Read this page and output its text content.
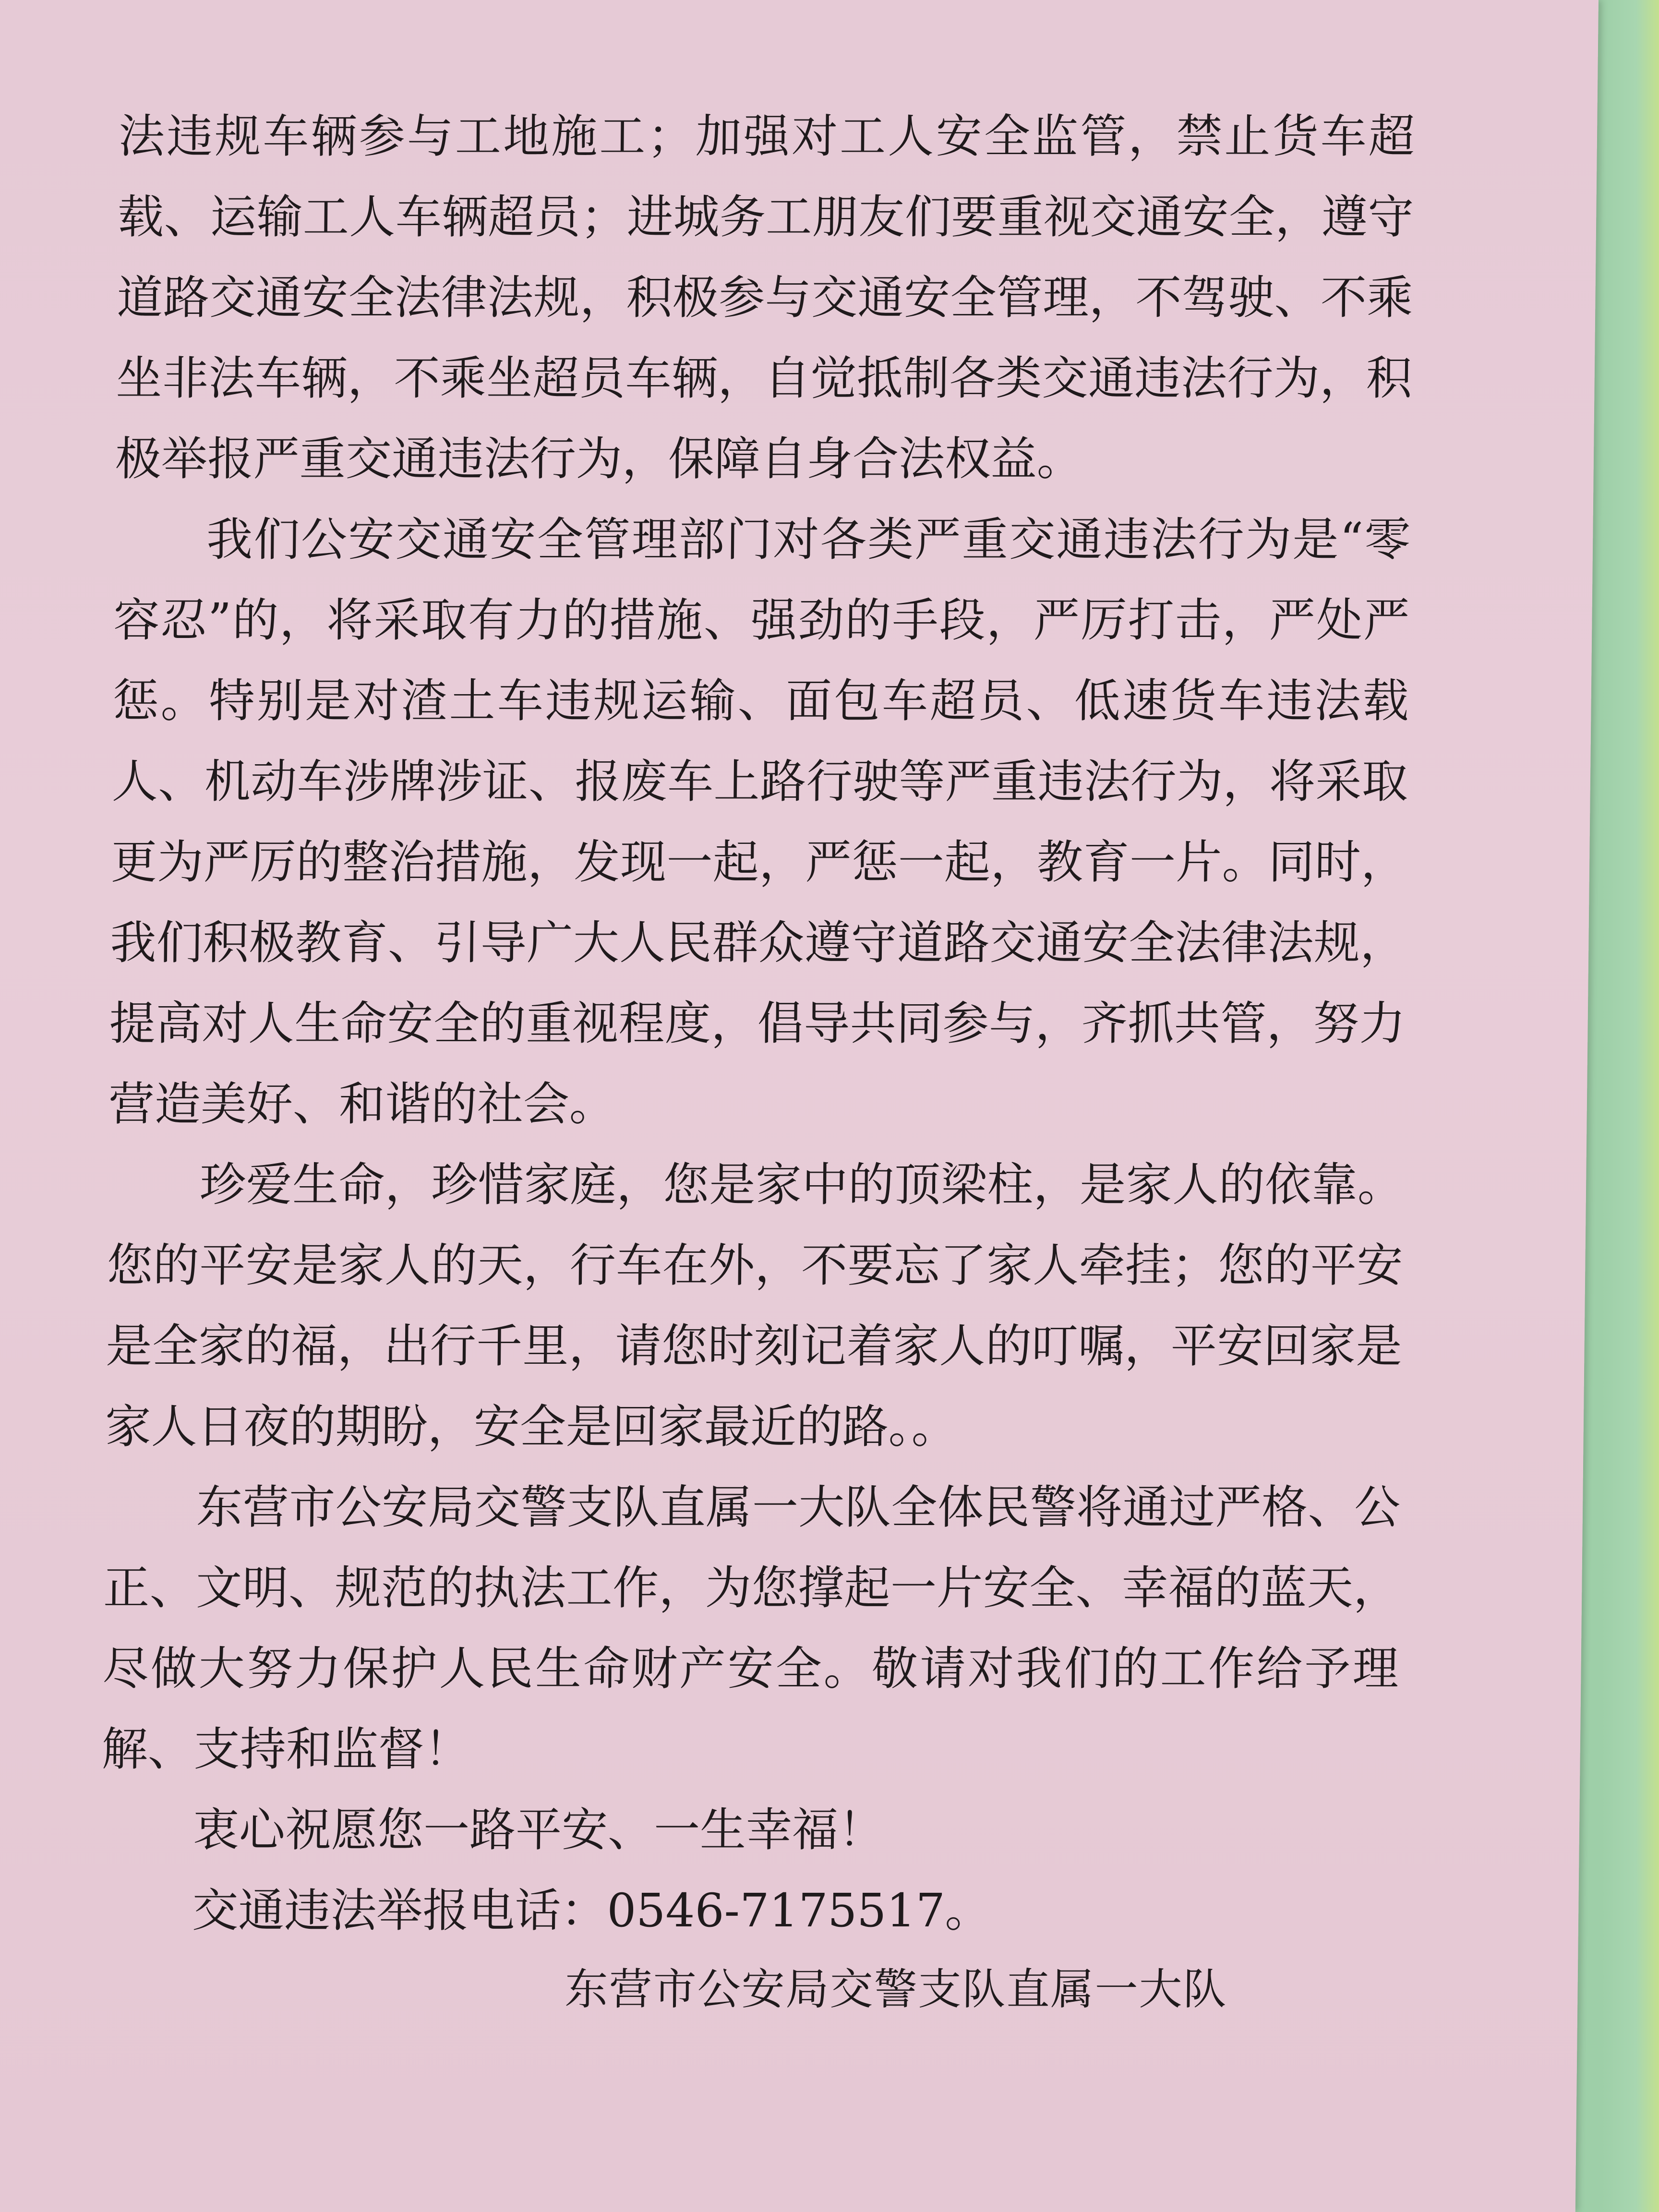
法违规车辆参与工地施工；加强对工人安全监管，禁止货车超载、运输工人车辆超员；进城务工朋友们要重视交通安全，遵守道路交通安全法律法规，积极参与交通安全管理，不驾驶、不乘坐非法车辆，不乘坐超员车辆，自觉抵制各类交通违法行为，积极举报严重交通违法行为，保障自身合法权益。

我们公安交通安全管理部门对各类严重交通违法行为是“零容忍”的，将采取有力的措施、强劲的手段，严厉打击，严处严惩。特别是对渣土车违规运输、面包车超员、低速货车违法载人、机动车涉牌涉证、报废车上路行驶等严重违法行为，将采取更为严厉的整治措施，发现一起，严惩一起，教育一片。同时，我们积极教育、引导广大人民群众遵守道路交通安全法律法规，提高对人生命安全的重视程度，倡导共同参与，齐抓共管，努力营造美好、和谐的社会。

珍爱生命，珍惜家庭，您是家中的顶梁柱，是家人的依靠。您的平安是家人的天，行车在外，不要忘了家人牵挂；您的平安是全家的福，出行千里，请您时刻记着家人的叮嘱，平安回家是家人日夜的期盼，安全是回家最近的路。。

东营市公安局交警支队直属一大队全体民警将通过严格、公正、文明、规范的执法工作，为您撑起一片安全、幸福的蓝天，尽做大努力保护人民生命财产安全。敬请对我们的工作给予理解、支持和监督！

衷心祝愿您一路平安、一生幸福！

交通违法举报电话：0546-7175517。

东营市公安局交警支队直属一大队
